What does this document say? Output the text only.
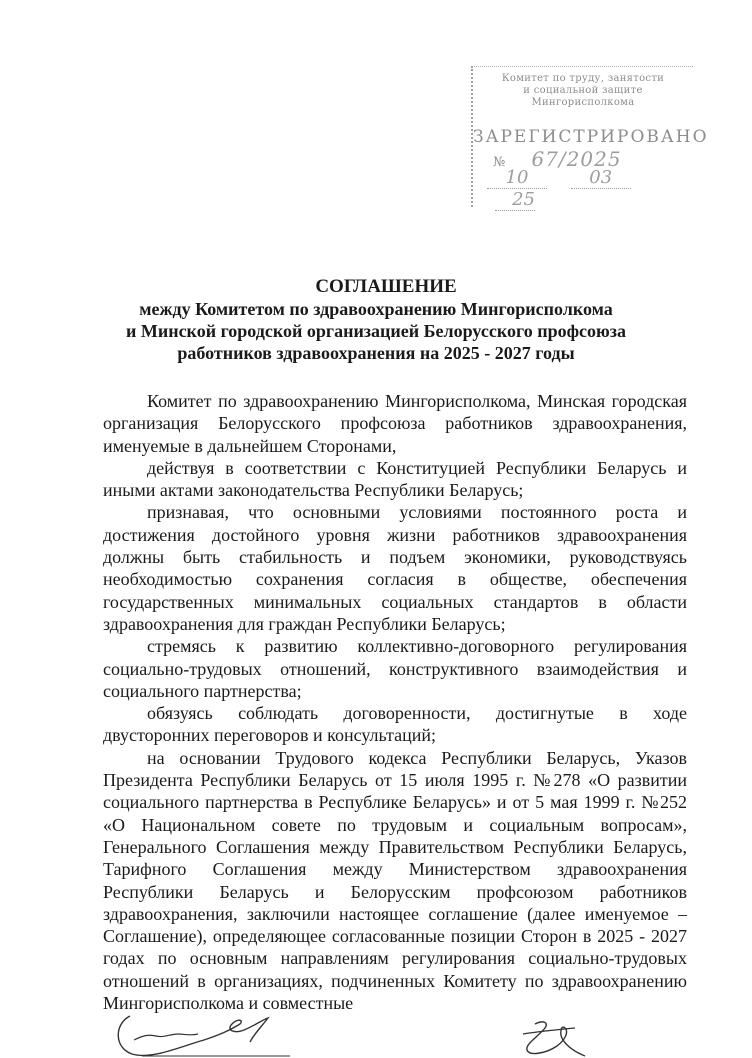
Комитет по труду, занятости
и социальной защите
Мингорисполкома
ЗАРЕГИСТРИРОВАНО
№ 67/2025
10	03 25
СОГЛАШЕНИЕ
между Комитетом по здравоохранению Мингорисполкома
и Минской городской организацией Белорусского профсоюза
работников здравоохранения на 2025 - 2027 годы

Комитет по здравоохранению Мингорисполкома, Минская городская организация Белорусского профсоюза работников здравоохранения, именуемые в дальнейшем Сторонами,

действуя в соответствии с Конституцией Республики Беларусь и иными актами законодательства Республики Беларусь;

признавая, что основными условиями постоянного роста и достижения достойного уровня жизни работников здравоохранения должны быть стабильность и подъем экономики, руководствуясь необходимостью сохранения согласия в обществе, обеспечения государственных минимальных социальных стандартов в области здравоохранения для граждан Республики Беларусь;

стремясь к развитию коллективно-договорного регулирования социально-трудовых отношений, конструктивного взаимодействия и социального партнерства;

обязуясь соблюдать договоренности, достигнутые в ходе двусторонних переговоров и консультаций;

на основании Трудового кодекса Республики Беларусь, Указов Президента Республики Беларусь от 15 июля 1995 г. №278 «О развитии социального партнерства в Республике Беларусь» и от 5 мая 1999 г. №252 «О Национальном совете по трудовым и социальным вопросам», Генерального Соглашения между Правительством Республики Беларусь, Тарифного Соглашения между Министерством здравоохранения Республики Беларусь и Белорусским профсоюзом работников здравоохранения, заключили настоящее соглашение (далее именуемое – Соглашение), определяющее согласованные позиции Сторон в 2025 - 2027 годах по основным направлениям регулирования социально-трудовых отношений в организациях, подчиненных Комитету по здравоохранению Мингорисполкома и совместные
